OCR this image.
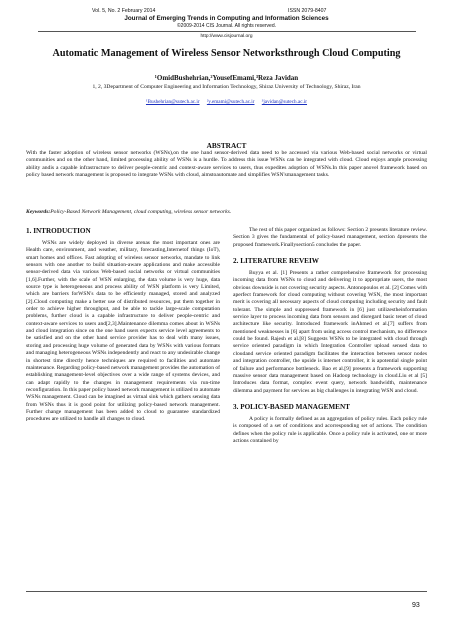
Vol. 5, No. 2 February 2014	ISSN 2079-8407
Journal of Emerging Trends in Computing and Information Sciences
©2009-2014 CIS Journal. All rights reserved.
http://www.cisjournal.org
Automatic Management of Wireless Sensor Networksthrough Cloud Computing
¹OmidBushehrian,²YousefEmami,³Reza Javidan
1, 2, 3Department of Computer Engineering and Information Technology, Shiraz University of Technology, Shiraz, Iran
¹Bushehrian@sutech.ac.ir ²y.emami@sutech.ac.ir ³javidan@sutech.ac.ir
ABSTRACT
With the faster adoption of wireless sensor networks (WSNs),on the one hand sensor-derived data need to be accessed via various Web-based social networks or virtual communities and on the other hand, limited processing ability of WSNs is a hurdle. To address this issue WSNs can be integrated with cloud. Cloud enjoys ample processing ability andis a capable infrastructure to deliver people-centric and context-aware services to users, thus expedites adoption of WSNs.In this paper anovel framework based on policy based network management is proposed to integrate WSNs with cloud, aimstoautomate and simplifies WSN'smanagement tasks.
Keywords:Policy-Based Network Management, cloud computing, wireless sensor networks.
1. INTRODUCTION
WSNs are widely deployed in diverse arenas the most important ones are Health care, environment, and weather, military, forecasting,Internetof things (IoT), smart homes and offices. Fast adopting of wireless sensor networks, mandate to link sensors with one another to build situation-aware applications and make accessible sensor-derived data via various Web-based social networks or virtual communities [1,6].Further, with the scale of WSN enlarging, the data volume is very huge, data source type is heterogeneous and process ability of WSN platform is very Limited, which are barriers forWSN's data to be efficiently managed, stored and analyzed [2].Cloud computing make a better use of distributed resources, put them together in order to achieve higher throughput, and be able to tackle large-scale computation problems, further cloud is a capable infrastructure to deliver people-centric and context-aware services to users and[2,3].Maintenance dilemma comes about in WSNs and cloud integration since on the one hand users expects service level agreements to be satisfied and on the other hand service provider has to deal with many issues, storing and processing huge volume of generated data by WSNs with various formats and managing heterogeneous WSNs independently and react to any undesirable change in shortest time directly hence techniques are required to facilities and automate maintenance. Regarding policy-based network management provides the automation of establishing management-level objectives over a wide range of systems devices, and can adapt rapidly to the changes in management requirements via run-time reconfiguration. In this paper policy based network management is utilized to automate WSNs management. Cloud can be imagined as virtual sink which gathers sensing data from WSNs thus it is good point for utilizing policy-based network management. Further change management has been added to cloud to guarantee standardized procedures are utilized to handle all changes to cloud.
The rest of this paper organized as follows: Section 2 presents literature review. Section 3 gives the fundamental of policy-based management, section 4presents the proposed framework.Finallysection5 concludes the paper.
2. LITERATURE REVEIW
Buyya et al. [1] Presents a rather comprehensive framework for processing incoming data from WSNs to cloud and delivering it to appropriate users, the most obvious downside is not covering security aspects. Antonopoulos et al. [2] Comes with aperfect framework for cloud computing without covering WSN, the most important merit is covering all necessary aspects of cloud computing including security and fault tolerant. The simple and suppressed framework in [6] just utilizestheinformation service layer to process incoming data from sensors and disregard basic tenet of cloud architecture like security. Introduced framework inAhmed et al.[7] suffers from mentioned weaknesses in [6] apart from using access control mechanism, no difference could be found. Rajesh et al.[8] Suggests WSNs to be integrated with cloud through service oriented paradigm in which Integration Controller upload sensed data to cloudand service oriented paradigm facilitates the interaction between sensor nodes and integration controller, the upside is internet controller, it is apotential single point of failure and performance bottleneck. Bao et al.[9] presents a framework supporting massive sensor data management based on Hadoop technology in cloud.Liu et al [5] Introduces data format, complex event query, network bandwidth, maintenance dilemma and payment for services as big challenges in integrating WSN and cloud.
3. POLICY-BASED MANAGEMENT
A policy is formally defined as an aggregation of policy rules. Each policy rule is composed of a set of conditions and acorresponding set of actions. The condition defines when the policy rule is applicable. Once a policy rule is activated, one or more actions contained by
93
